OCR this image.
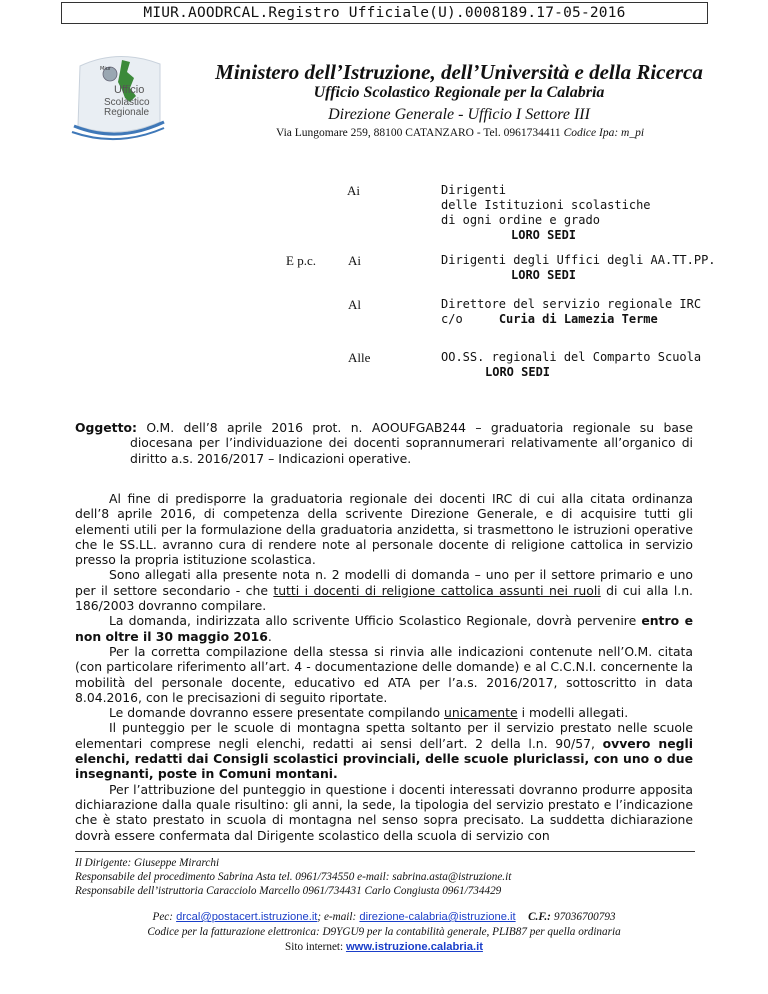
MIUR.AOODRCAL.Registro Ufficiale(U).0008189.17-05-2016
Miur
Ufficio
Scolastico
Regionale
Ministero dell’Istruzione, dell’Università e della Ricerca
Ufficio Scolastico Regionale per la Calabria
Direzione Generale - Ufficio I Settore III
Via Lungomare 259, 88100 CATANZARO - Tel. 0961734411 Codice Ipa: m_pi
Ai	Dirigenti
delle Istituzioni scolastiche
di ogni ordine e grado
LORO SEDI
E p.c. Ai	Dirigenti degli Uffici degli AA.TT.PP.
LORO SEDI
Al	Direttore del servizio regionale IRC
c/o	Curia di Lamezia Terme
Alle	OO.SS. regionali del Comparto Scuola
LORO SEDI
Oggetto: O.M. dell’8 aprile 2016 prot. n. AOOUFGAB244 – graduatoria regionale su base diocesana per l’individuazione dei docenti soprannumerari relativamente all’organico di diritto a.s. 2016/2017 – Indicazioni operative.

Al fine di predisporre la graduatoria regionale dei docenti IRC di cui alla citata ordinanza dell’8 aprile 2016, di competenza della scrivente Direzione Generale, e di acquisire tutti gli elementi utili per la formulazione della graduatoria anzidetta, si trasmettono le istruzioni operative che le SS.LL. avranno cura di rendere note al personale docente di religione cattolica in servizio presso la propria istituzione scolastica.

Sono allegati alla presente nota n. 2 modelli di domanda – uno per il settore primario e uno per il settore secondario - che tutti i docenti di religione cattolica assunti nei ruoli di cui alla l.n. 186/2003 dovranno compilare.

La domanda, indirizzata allo scrivente Ufficio Scolastico Regionale, dovrà pervenire entro e non oltre il 30 maggio 2016.

Per la corretta compilazione della stessa si rinvia alle indicazioni contenute nell’O.M. citata (con particolare riferimento all’art. 4 - documentazione delle domande) e al C.C.N.I. concernente la mobilità del personale docente, educativo ed ATA per l’a.s. 2016/2017, sottoscritto in data 8.04.2016, con le precisazioni di seguito riportate.

Le domande dovranno essere presentate compilando unicamente i modelli allegati.

Il punteggio per le scuole di montagna spetta soltanto per il servizio prestato nelle scuole elementari comprese negli elenchi, redatti ai sensi dell’art. 2 della l.n. 90/57, ovvero negli elenchi, redatti dai Consigli scolastici provinciali, delle scuole pluriclassi, con uno o due insegnanti, poste in Comuni montani.

Per l’attribuzione del punteggio in questione i docenti interessati dovranno produrre apposita dichiarazione dalla quale risultino: gli anni, la sede, la tipologia del servizio prestato e l’indicazione che è stato prestato in scuola di montagna nel senso sopra precisato. La suddetta dichiarazione dovrà essere confermata dal Dirigente scolastico della scuola di servizio con

Il Dirigente: Giuseppe Mirarchi
Responsabile del procedimento Sabrina Asta tel. 0961/734550 e-mail: sabrina.asta@istruzione.it
Responsabile dell’istruttoria Caracciolo Marcello 0961/734431 Carlo Congiusta 0961/734429
Pec: drcal@postacert.istruzione.it; e-mail: direzione-calabria@istruzione.it C.F.: 97036700793
Codice per la fatturazione elettronica: D9YGU9 per la contabilità generale, PLIB87 per quella ordinaria
Sito internet: www.istruzione.calabria.it
